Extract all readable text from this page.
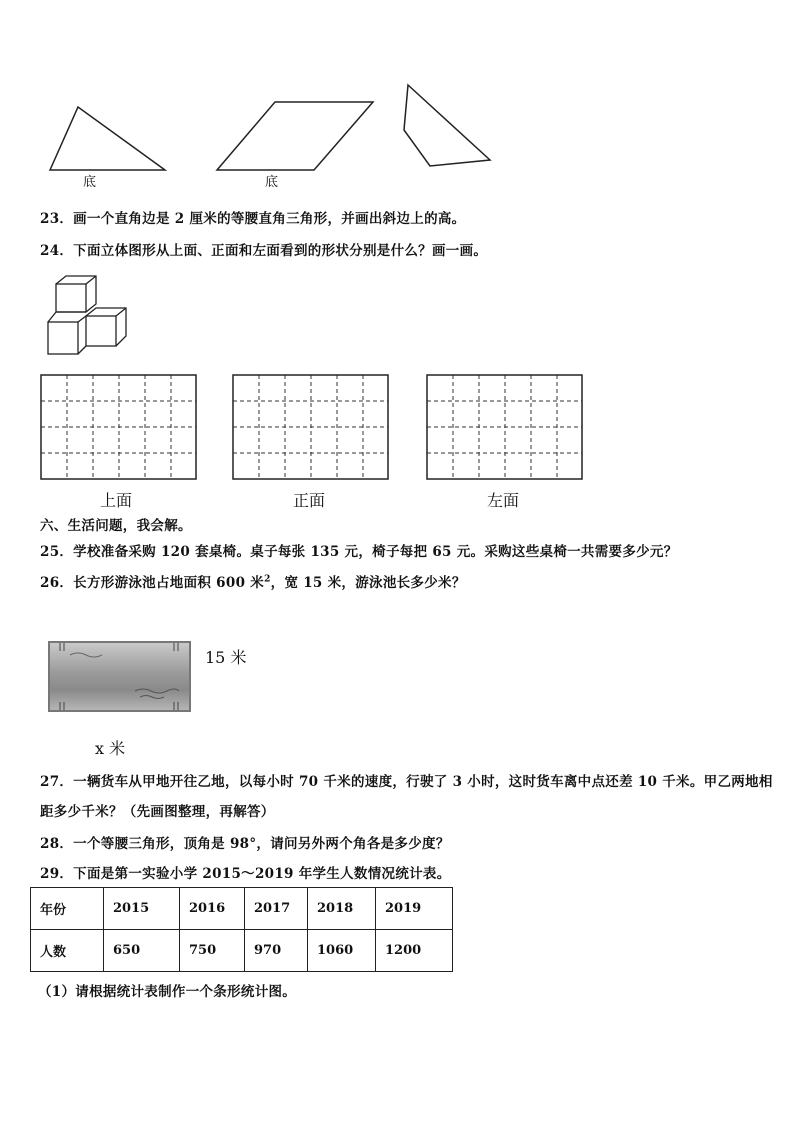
底	底
23．画一个直角边是 2 厘米的等腰直角三角形，并画出斜边上的高。
24．下面立体图形从上面、正面和左面看到的形状分别是什么？画一画。
上面	正面	左面
六、生活问题，我会解。
25．学校准备采购 120 套桌椅。桌子每张 135 元，椅子每把 65 元。采购这些桌椅一共需要多少元？
26．长方形游泳池占地面积 600 米$^2$，宽 15 米，游泳池长多少米？
15 米
x 米
27．一辆货车从甲地开往乙地，以每小时 70 千米的速度，行驶了 3 小时，这时货车离中点还差 10 千米。甲乙两地相
距多少千米？（先画图整理，再解答）
28．一个等腰三角形，顶角是 98°，请问另外两个角各是多少度？
29．下面是第一实验小学 2015～2019 年学生人数情况统计表。
年份	2015	2016	2017	2018	2019
人数	650	750	970	1060	1200
（1）请根据统计表制作一个条形统计图。
